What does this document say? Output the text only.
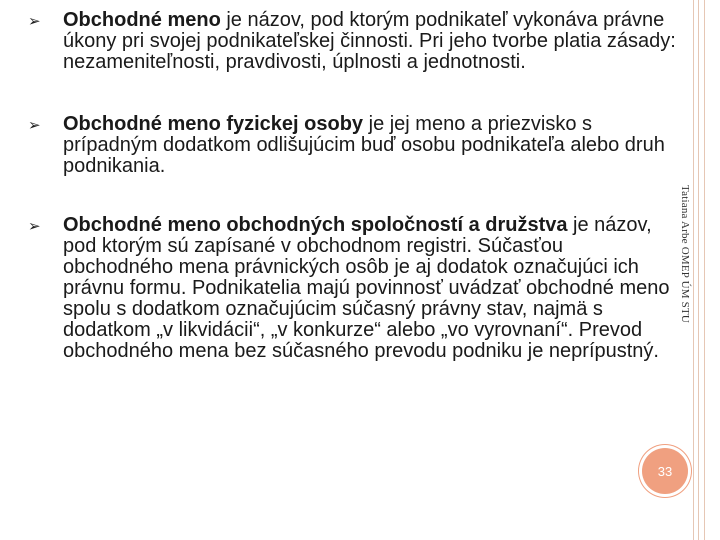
Tatiana Arbe OMEP ÚM STU
➢ Obchodné meno je názov, pod ktorým podnikateľ vykonáva právne úkony pri svojej podnikateľskej činnosti. Pri jeho tvorbe platia zásady: nezameniteľnosti, pravdivosti, úplnosti a jednotnosti.
➢ Obchodné meno fyzickej osoby je jej meno a priezvisko s prípadným dodatkom odlišujúcim buď osobu podnikateľa alebo druh podnikania.
➢ Obchodné meno obchodných spoločností a družstva je názov, pod ktorým sú zapísané v obchodnom registri. Súčasťou obchodného mena právnických osôb je aj dodatok označujúci ich právnu formu. Podnikatelia majú povinnosť uvádzať obchodné meno spolu s dodatkom označujúcim súčasný právny stav, najmä s dodatkom „v likvidácii“, „v konkurze“ alebo „vo vyrovnaní“. Prevod obchodného mena bez súčasného prevodu podniku je neprípustný.
33
